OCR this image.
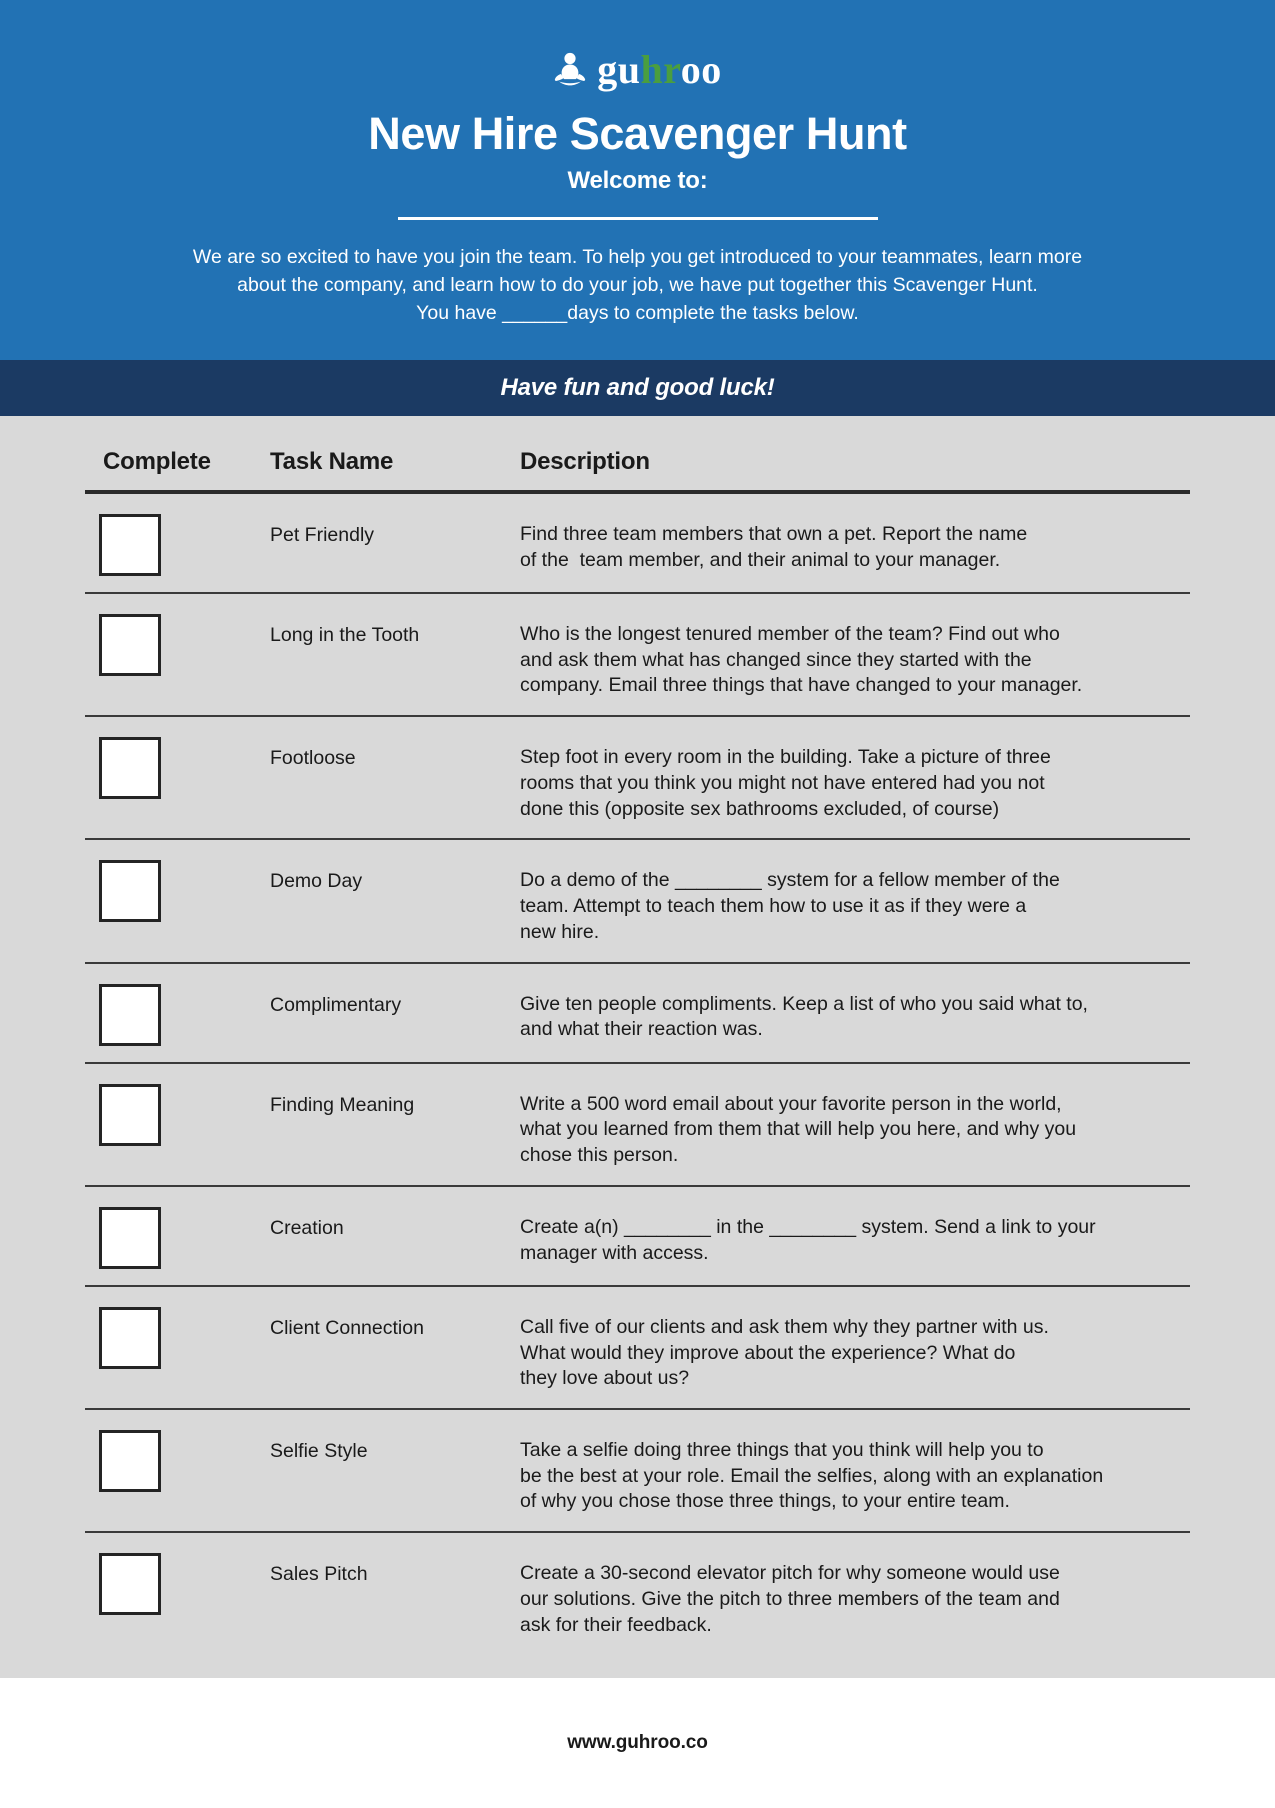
guhroo
New Hire Scavenger Hunt
Welcome to:
We are so excited to have you join the team. To help you get introduced to your teammates, learn more
about the company, and learn how to do your job, we have put together this Scavenger Hunt.
You have ______days to complete the tasks below.
Have fun and good luck!
Complete	Task Name	Description
Pet Friendly	Find three team members that own a pet. Report the name
of the  team member, and their animal to your manager.
Long in the Tooth	Who is the longest tenured member of the team? Find out who
and ask them what has changed since they started with the
company. Email three things that have changed to your manager.
Footloose	Step foot in every room in the building. Take a picture of three
rooms that you think you might not have entered had you not
done this (opposite sex bathrooms excluded, of course)
Demo Day	Do a demo of the ________ system for a fellow member of the
team. Attempt to teach them how to use it as if they were a
new hire.
Complimentary	Give ten people compliments. Keep a list of who you said what to,
and what their reaction was.
Finding Meaning	Write a 500 word email about your favorite person in the world,
what you learned from them that will help you here, and why you
chose this person.
Creation	Create a(n) ________ in the ________ system. Send a link to your
manager with access.
Client Connection	Call five of our clients and ask them why they partner with us.
What would they improve about the experience? What do
they love about us?
Selfie Style	Take a selfie doing three things that you think will help you to
be the best at your role. Email the selfies, along with an explanation
of why you chose those three things, to your entire team.
Sales Pitch	Create a 30-second elevator pitch for why someone would use
our solutions. Give the pitch to three members of the team and
ask for their feedback.
www.guhroo.co
